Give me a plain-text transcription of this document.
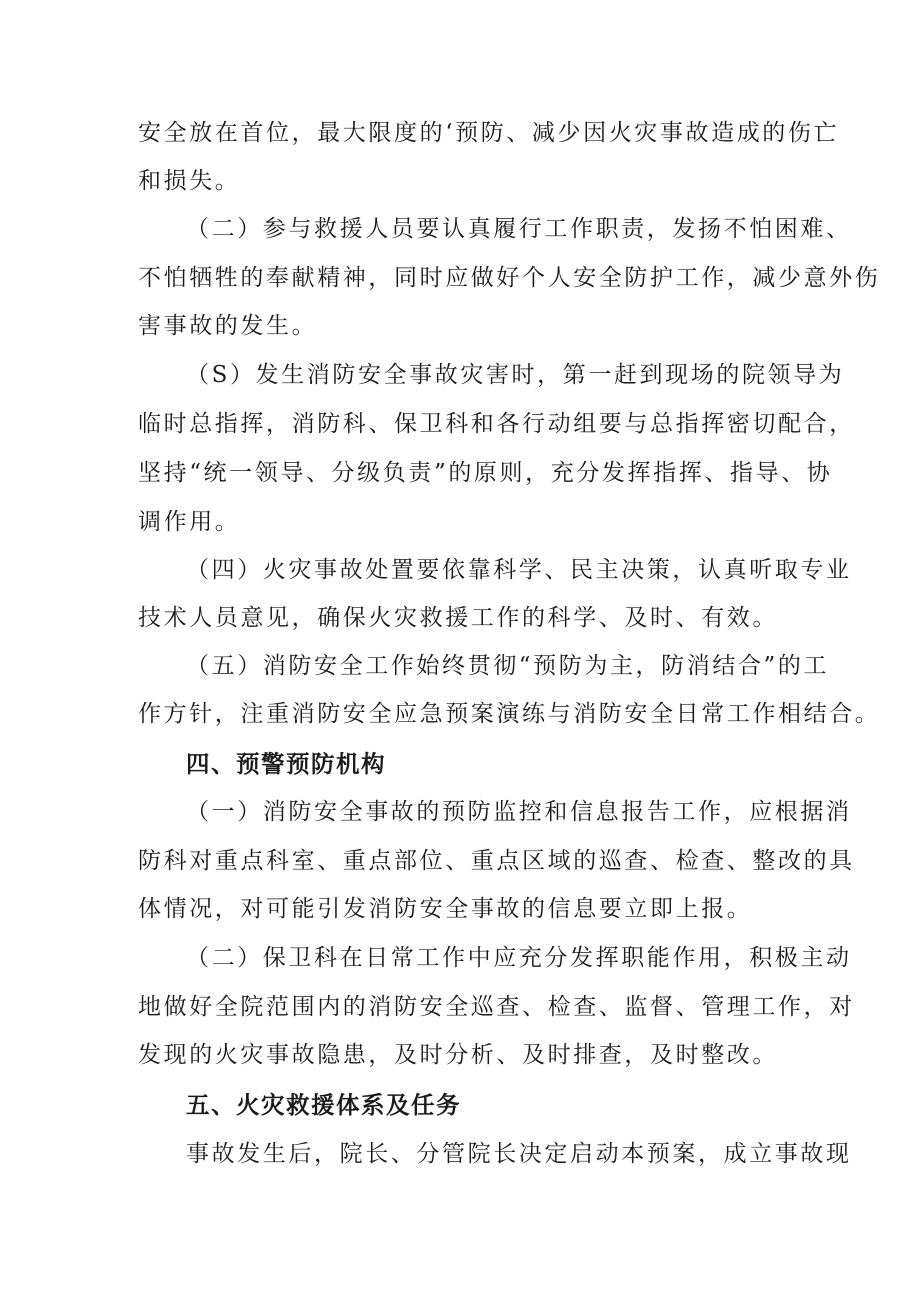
安全放在首位，最大限度的‘预防、减少因火灾事故造成的伤亡
和损失。
（二）参与救援人员要认真履行工作职责，发扬不怕困难、
不怕牺牲的奉献精神，同时应做好个人安全防护工作，减少意外伤
害事故的发生。
（S）发生消防安全事故灾害时，第一赶到现场的院领导为
临时总指挥，消防科、保卫科和各行动组要与总指挥密切配合，
坚持“统一领导、分级负责”的原则，充分发挥指挥、指导、协
调作用。
（四）火灾事故处置要依靠科学、民主决策，认真听取专业
技术人员意见，确保火灾救援工作的科学、及时、有效。
（五）消防安全工作始终贯彻“预防为主，防消结合”的工
作方针，注重消防安全应急预案演练与消防安全日常工作相结合。
四、预警预防机构
（一）消防安全事故的预防监控和信息报告工作，应根据消
防科对重点科室、重点部位、重点区域的巡查、检查、整改的具
体情况，对可能引发消防安全事故的信息要立即上报。
（二）保卫科在日常工作中应充分发挥职能作用，积极主动
地做好全院范围内的消防安全巡查、检查、监督、管理工作，对
发现的火灾事故隐患，及时分析、及时排查，及时整改。
五、火灾救援体系及任务
事故发生后，院长、分管院长决定启动本预案，成立事故现
